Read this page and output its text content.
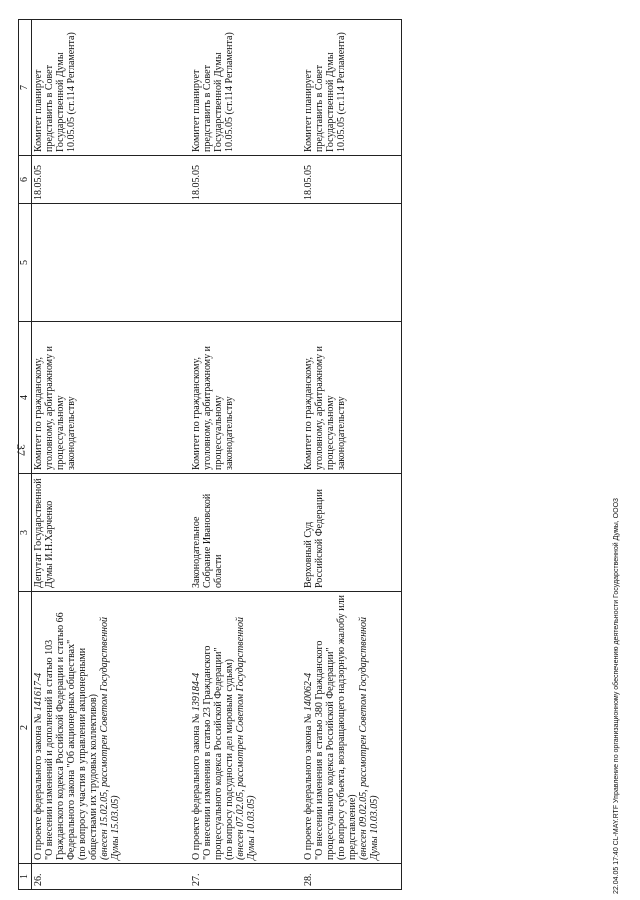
37
1	2	3	4	5	6	7
26.	О проекте федерального закона № 141617-4

"О внесении изменений и дополнений в статью 103 Гражданского кодекса Российской Федерации и статью 66 Федерального закона "Об акционерных обществах"
(по вопросу участия в управлении акционерными обществами их трудовых коллективов) (внесен 15.02.05, рассмотрен Советом Государственной Думы 15.03.05)	Депутат Государственной Думы И.Н.Харченко	Комитет по гражданскому, уголовному, арбитражному и процессуальному законодательству		18.05.05	Комитет планирует представить в Совет Государственной Думы 10.05.05 (ст.114 Регламента)
27.	О проекте федерального закона № 139184-4

"О внесении изменения в статью 23 Гражданского процессуального кодекса Российской Федерации"
(по вопросу подсудности дел мировым судьям) (внесен 07.02.05, рассмотрен Советом Государственной Думы 10.03.05)	Законодательное Собрание Ивановской области	Комитет по гражданскому, уголовному, арбитражному и процессуальному законодательству		18.05.05	Комитет планирует представить в Совет Государственной Думы 10.05.05 (ст.114 Регламента)
28.	О проекте федерального закона № 140062-4

"О внесении изменения в статью 380 Гражданского процессуального кодекса Российской Федерации"
(по вопросу субъекта, возвращающего надзорную жалобу или представление) (внесен 09.02.05, рассмотрен Советом Государственной Думы 10.03.05)	Верховный Суд Российской Федерации	Комитет по гражданскому, уголовному, арбитражному и процессуальному законодательству		18.05.05	Комитет планирует представить в Совет Государственной Думы 10.05.05 (ст.114 Регламента)
22.04.05 17:40 CL-MAY.RTF Управление по организационному обеспечению деятельности Государственной Думы, ООО3
